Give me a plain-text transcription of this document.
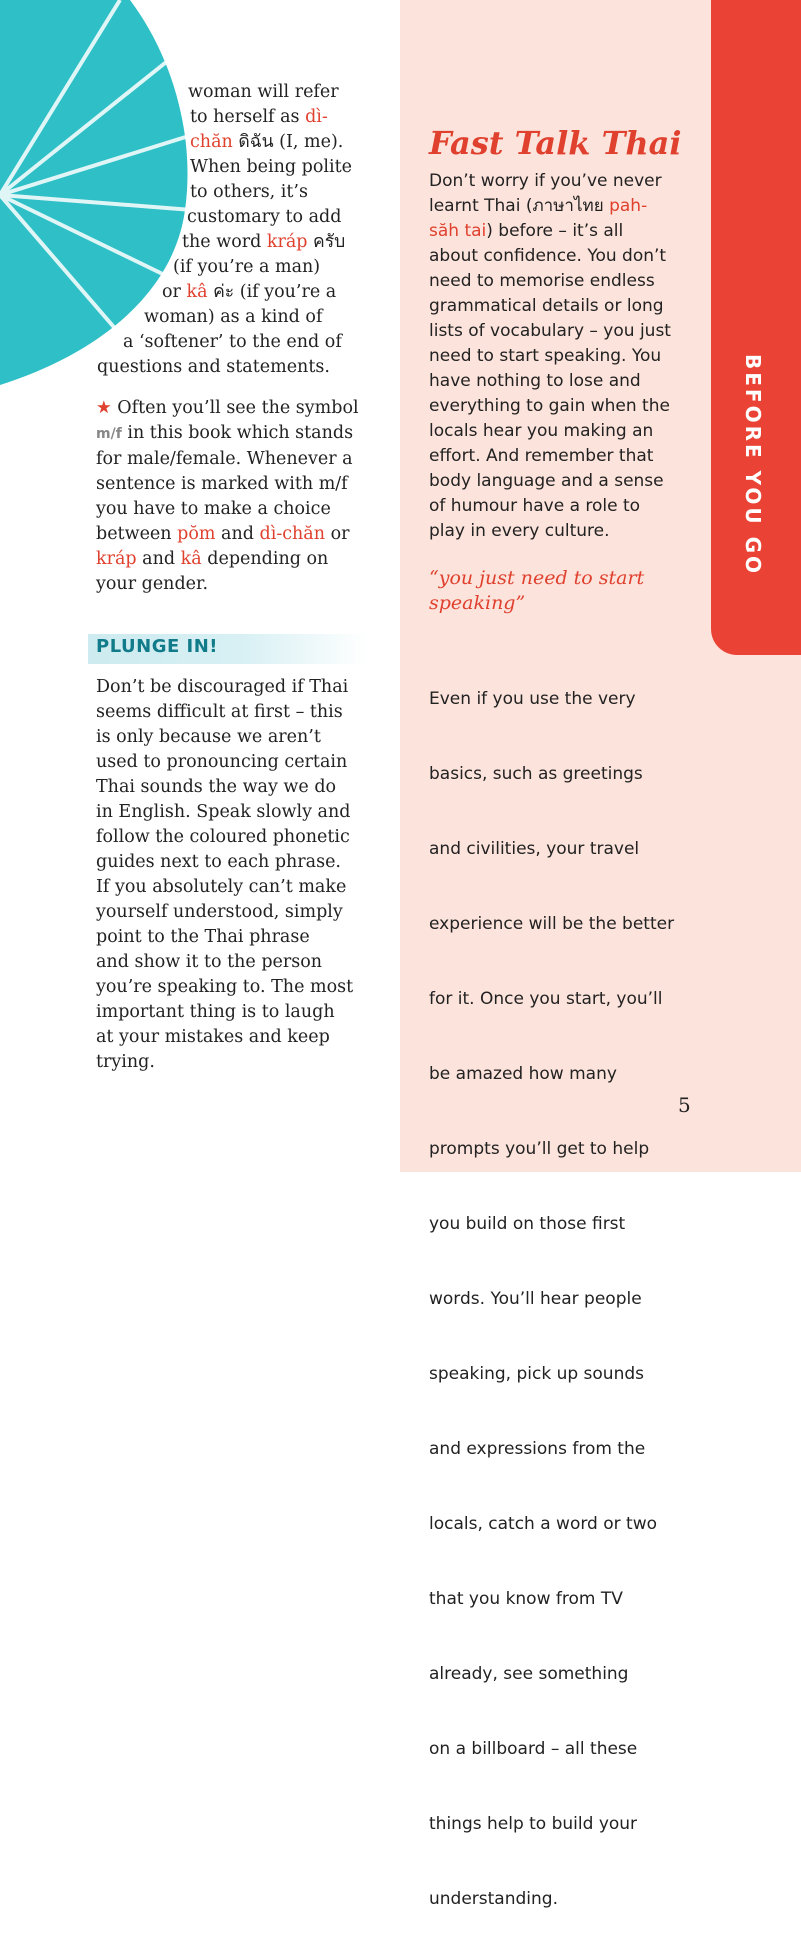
woman will refer
to herself as dì-
chăn ดิฉัน (I, me).
When being polite
to others, it’s
customary to add
the word kráp ครับ
(if you’re a man)
or kâ ค่ะ (if you’re a
woman) as a kind of
a ‘softener’ to the end of
questions and statements.
★ Often you’ll see the symbol
m/f in this book which stands
for male/female. Whenever a
sentence is marked with m/f
you have to make a choice
between pŏm and dì-chăn or
kráp and kâ depending on
your gender.
PLUNGE IN!
Don’t be discouraged if Thai
seems difficult at first – this
is only because we aren’t
used to pronouncing certain
Thai sounds the way we do
in English. Speak slowly and
follow the coloured phonetic
guides next to each phrase.
If you absolutely can’t make
yourself understood, simply
point to the Thai phrase
and show it to the person
you’re speaking to. The most
important thing is to laugh
at your mistakes and keep
trying.
BEFORE YOU GO
Fast Talk Thai
Don’t worry if you’ve never
learnt Thai (ภาษาไทย pah-
săh tai) before – it’s all
about confidence. You don’t
need to memorise endless
grammatical details or long
lists of vocabulary – you just
need to start speaking. You
have nothing to lose and
everything to gain when the
locals hear you making an
effort. And remember that
body language and a sense
of humour have a role to
play in every culture.
“you just need to start
speaking”

Even if you use the very

basics, such as greetings

and civilities, your travel

experience will be the better

for it. Once you start, you’ll

be amazed how many

prompts you’ll get to help

you build on those first

words. You’ll hear people

speaking, pick up sounds

and expressions from the

locals, catch a word or two

that you know from TV

already, see something

on a billboard – all these

things help to build your

understanding.

5
